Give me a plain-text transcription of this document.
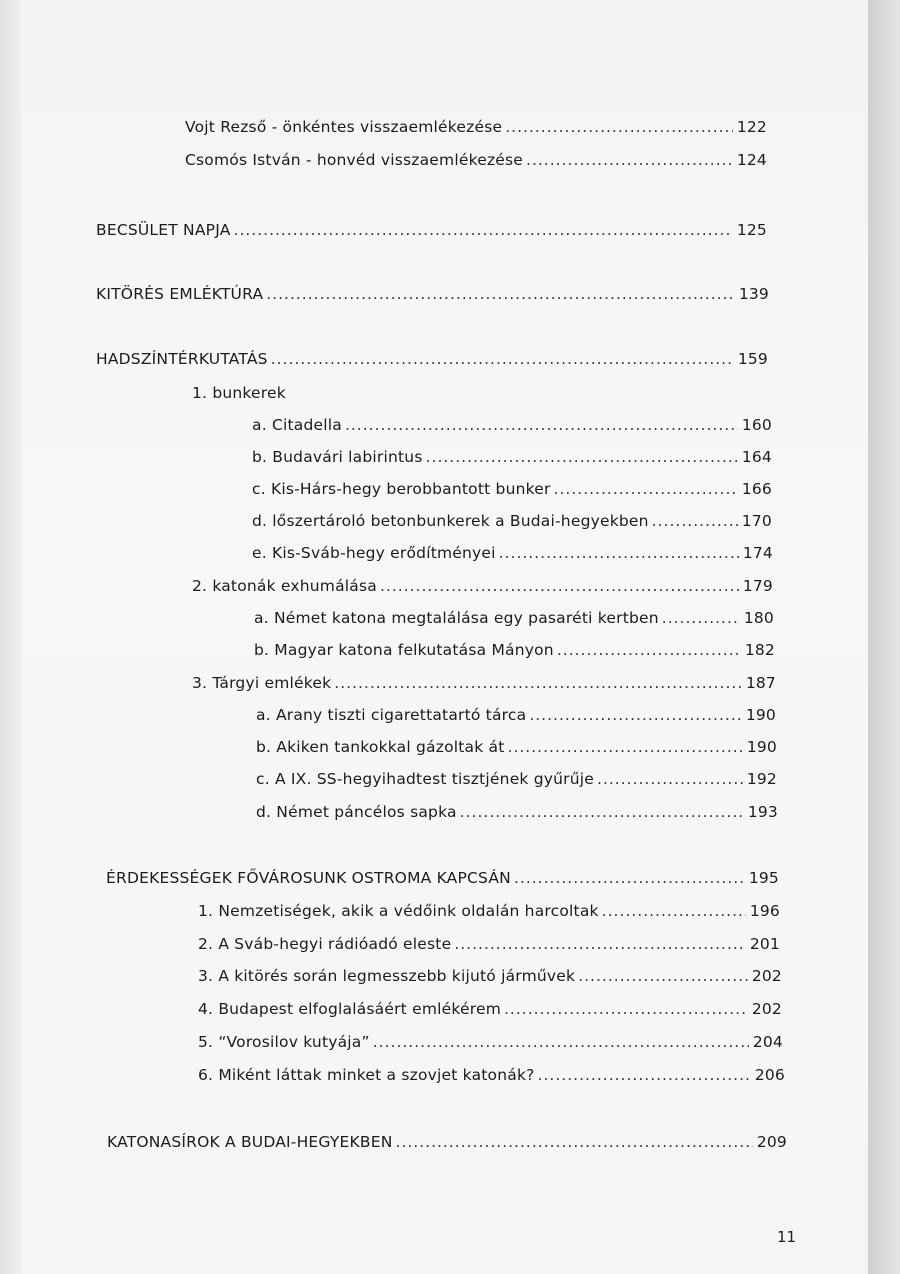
Vojt Rezső - önkéntes visszaemlékezése .....	122
Csomós István - honvéd visszaemlékezése .....	124
BECSÜLET NAPJA .....	125
KITÖRÉS EMLÉKTÚRA .....	139
HADSZÍNTÉRKUTATÁS .....	159
1. bunkerek
a. Citadella .....	160
b. Budavári labirintus .....	164
c. Kis-Hárs-hegy berobbantott bunker .....	166
d. lőszertároló betonbunkerek a Budai-hegyekben .....	170
e. Kis-Sváb-hegy erődítményei .....	174
2. katonák exhumálása .....	179
a. Német katona megtalálása egy pasaréti kertben .....	180
b. Magyar katona felkutatása Mányon .....	182
3. Tárgyi emlékek .....	187
a. Arany tiszti cigarettatartó tárca .....	190
b. Akiken tankokkal gázoltak át .....	190
c. A IX. SS-hegyihadtest tisztjének gyűrűje .....	192
d. Német páncélos sapka .....	193
ÉRDEKESSÉGEK FŐVÁROSUNK OSTROMA KAPCSÁN .....	195
1. Nemzetiségek, akik a védőink oldalán harcoltak .....	196
2. A Sváb-hegyi rádióadó eleste .....	201
3. A kitörés során legmesszebb kijutó járművek .....	202
4. Budapest elfoglalásáért emlékérem .....	202
5. “Vorosilov kutyája” .....	204
6. Miként láttak minket a szovjet katonák? .....	206
KATONASÍROK A BUDAI-HEGYEKBEN .....	209
11
